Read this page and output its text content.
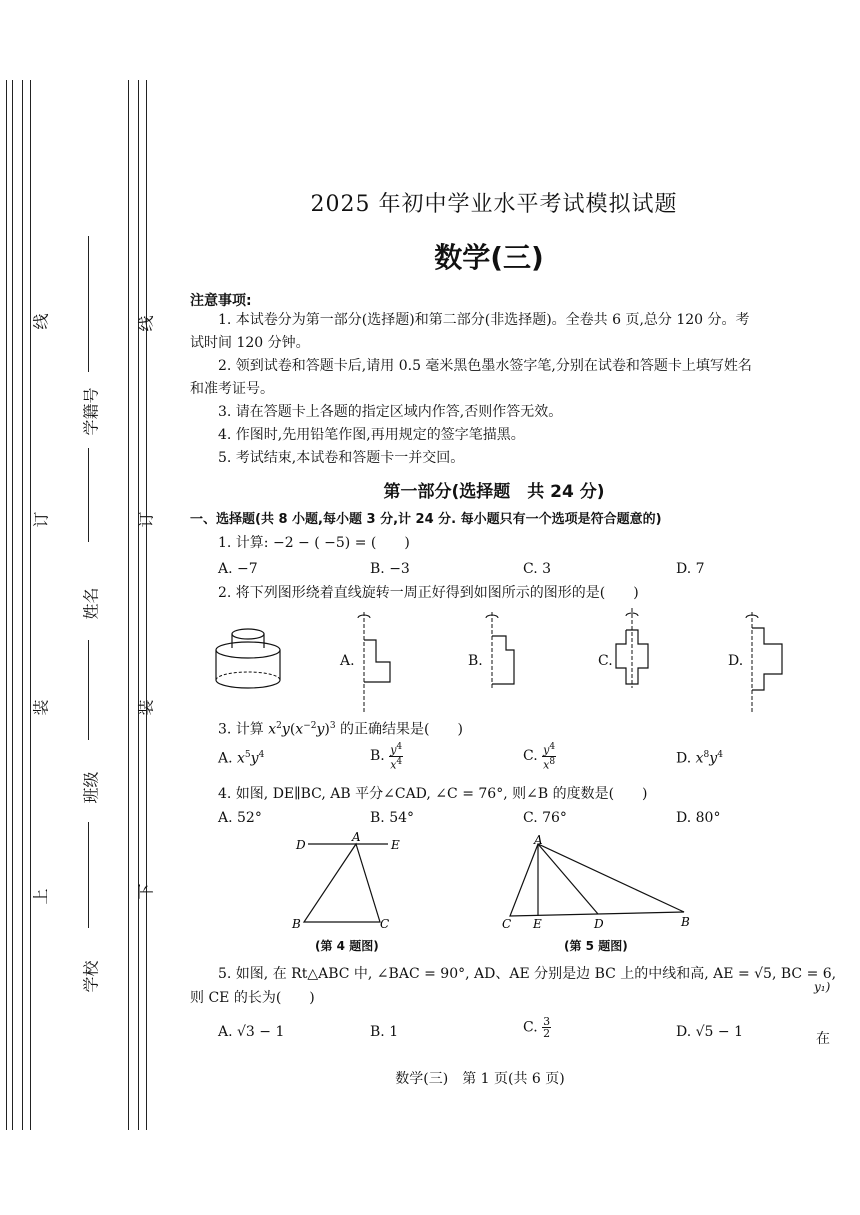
线
订
装
上
线
订
装
下
学籍号
姓名
班级
学校
2025 年初中学业水平考试模拟试题
数学(三)
注意事项:
1. 本试卷分为第一部分(选择题)和第二部分(非选择题)。全卷共 6 页,总分 120 分。考
试时间 120 分钟。
2. 领到试卷和答题卡后,请用 0.5 毫米黑色墨水签字笔,分别在试卷和答题卡上填写姓名
和准考证号。
3. 请在答题卡上各题的指定区域内作答,否则作答无效。
4. 作图时,先用铅笔作图,再用规定的签字笔描黑。
5. 考试结束,本试卷和答题卡一并交回。
第一部分(选择题　共 24 分)
一、选择题(共 8 小题,每小题 3 分,计 24 分. 每小题只有一个选项是符合题意的)
1. 计算: −2 − ( −5) = (　　)
A. −7	B. −3	C. 3	D. 7
2. 将下列图形绕着直线旋转一周正好得到如图所示的图形的是(　　)
A.	B.	C.	D.
3. 计算 $x^2y(x^{-2}y)^3$ 的正确结果是(　　)
A. $x^5y^4$	B. $\frac{y^4}{x^4}$	C. $\frac{y^4}{x^8}$	D. $x^8y^4$
4. 如图, DE∥BC, AB 平分∠CAD, ∠C = 76°, 则∠B 的度数是(　　)
A. 52°	B. 54°	C. 76°	D. 80°
D
A
E
B	C
(第 4 题图)
A
C E	D	B
(第 5 题图)
5. 如图, 在 Rt△ABC 中, ∠BAC = 90°, AD、AE 分别是边 BC 上的中线和高, AE = √5, BC = 6,
则 CE 的长为(　　)
A. √3 − 1	B. 1	C. $\frac{3}{2}$	D. √5 − 1
y₁)
在
数学(三)　第 1 页(共 6 页)
